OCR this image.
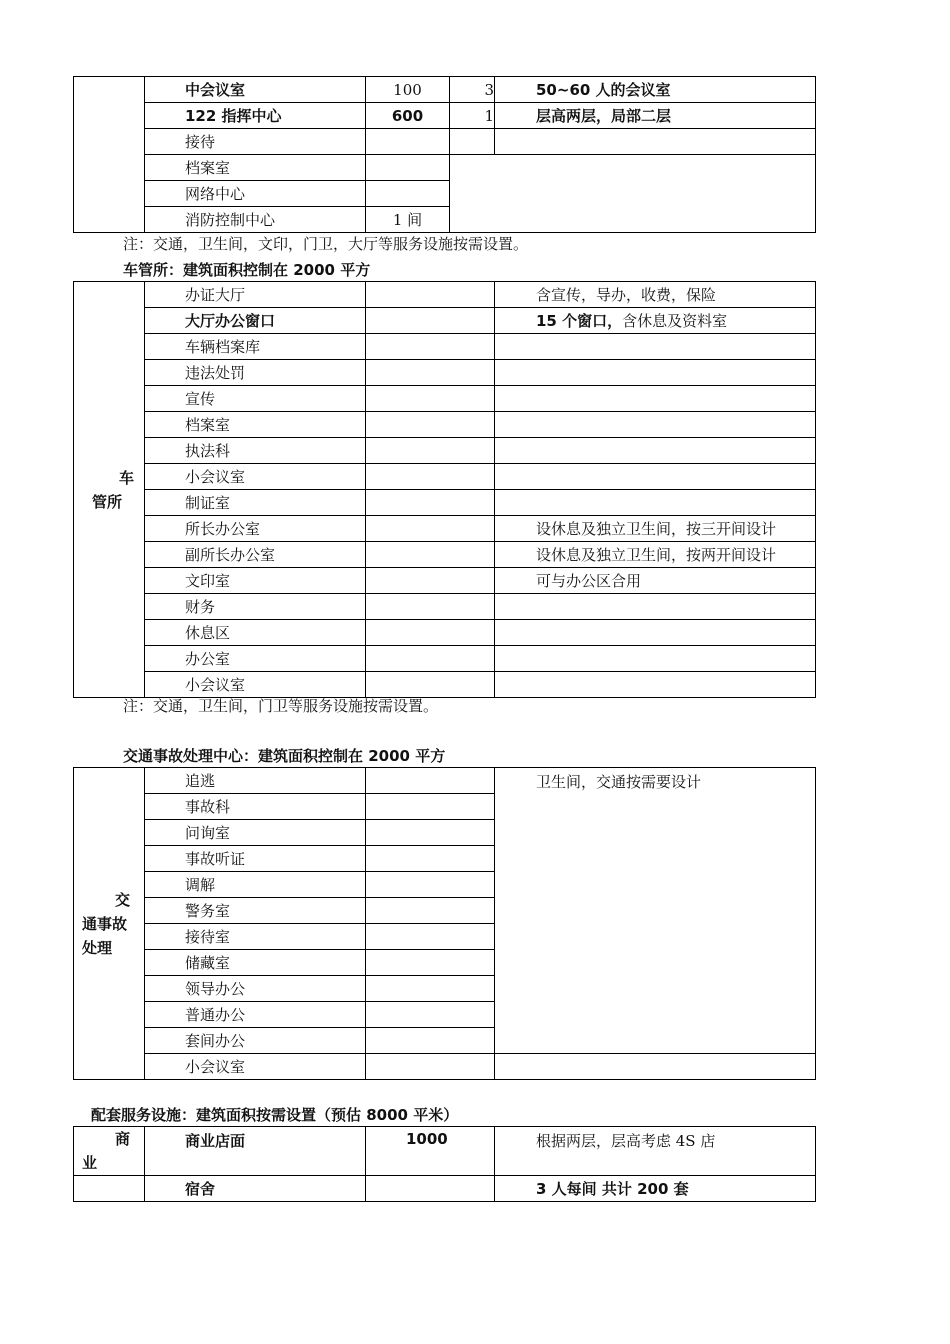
	中会议室	100	3	50~60 人的会议室
	122 指挥中心	600	1	层高两层，局部二层
	接待			
	档案室			
	网络中心			
	消防控制中心	1 间		
注：交通，卫生间，文印，门卫，大厅等服务设施按需设置。
车管所：建筑面积控制在 2000 平方
车
管所	办证大厅		含宣传，导办，收费，保险
	大厅办公窗口		15 个窗口，含休息及资料室
	车辆档案库		
	违法处罚		
	宣传		
	档案室		
	执法科		
	小会议室		
	制证室		
	所长办公室		设休息及独立卫生间，按三开间设计
	副所长办公室		设休息及独立卫生间，按两开间设计
	文印室		可与办公区合用
	财务		
	休息区		
	办公室		
	小会议室		
注：交通，卫生间，门卫等服务设施按需设置。
交通事故处理中心：建筑面积控制在 2000 平方
交
通事故
处理	追逃		卫生间，交通按需要设计
	事故科		
	问询室		
	事故听证		
	调解		
	警务室		
	接待室		
	储藏室		
	领导办公		
	普通办公		
	套间办公		
	小会议室		
配套服务设施：建筑面积按需设置（预估 8000 平米）
商
业	商业店面	1000	根据两层，层高考虑 4S 店
	宿舍		3 人每间 共计 200 套
